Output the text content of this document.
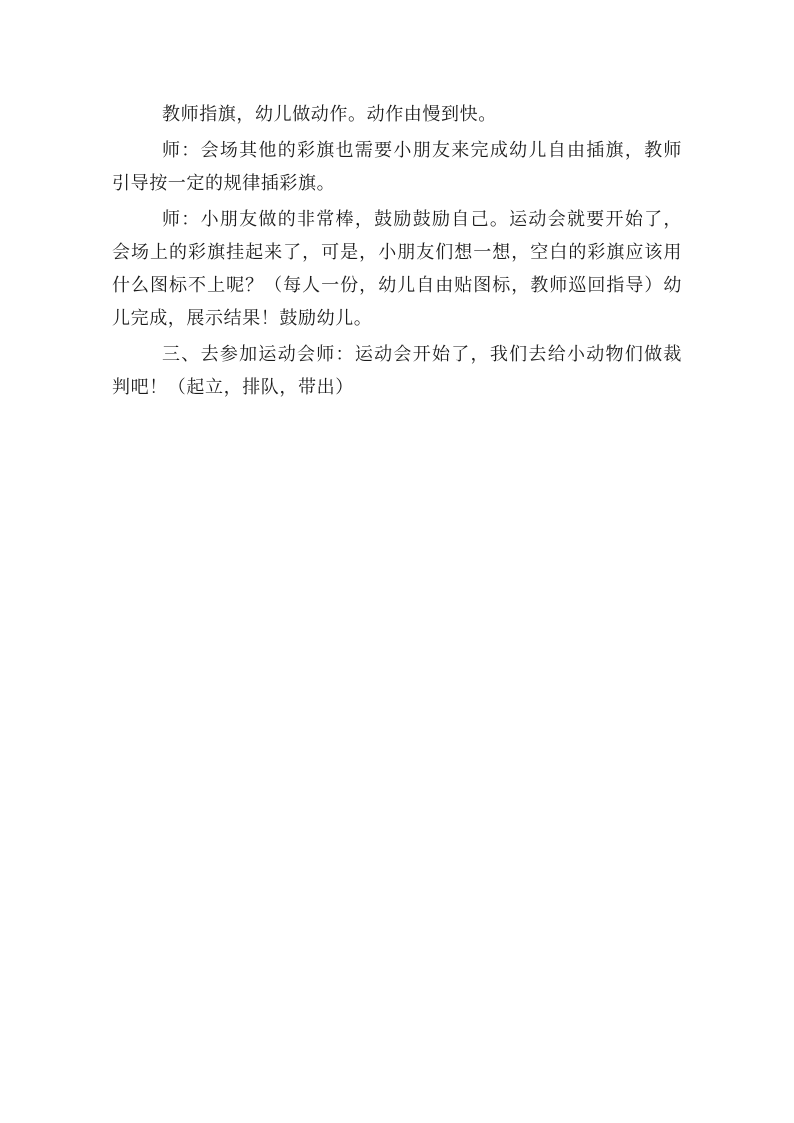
教师指旗，幼儿做动作。动作由慢到快。

师：会场其他的彩旗也需要小朋友来完成幼儿自由插旗，教师引导按一定的规律插彩旗。

师：小朋友做的非常棒，鼓励鼓励自己。运动会就要开始了，会场上的彩旗挂起来了，可是，小朋友们想一想，空白的彩旗应该用什么图标不上呢？（每人一份，幼儿自由贴图标，教师巡回指导）幼儿完成，展示结果！鼓励幼儿。

三、去参加运动会师：运动会开始了，我们去给小动物们做裁判吧！（起立，排队，带出）
